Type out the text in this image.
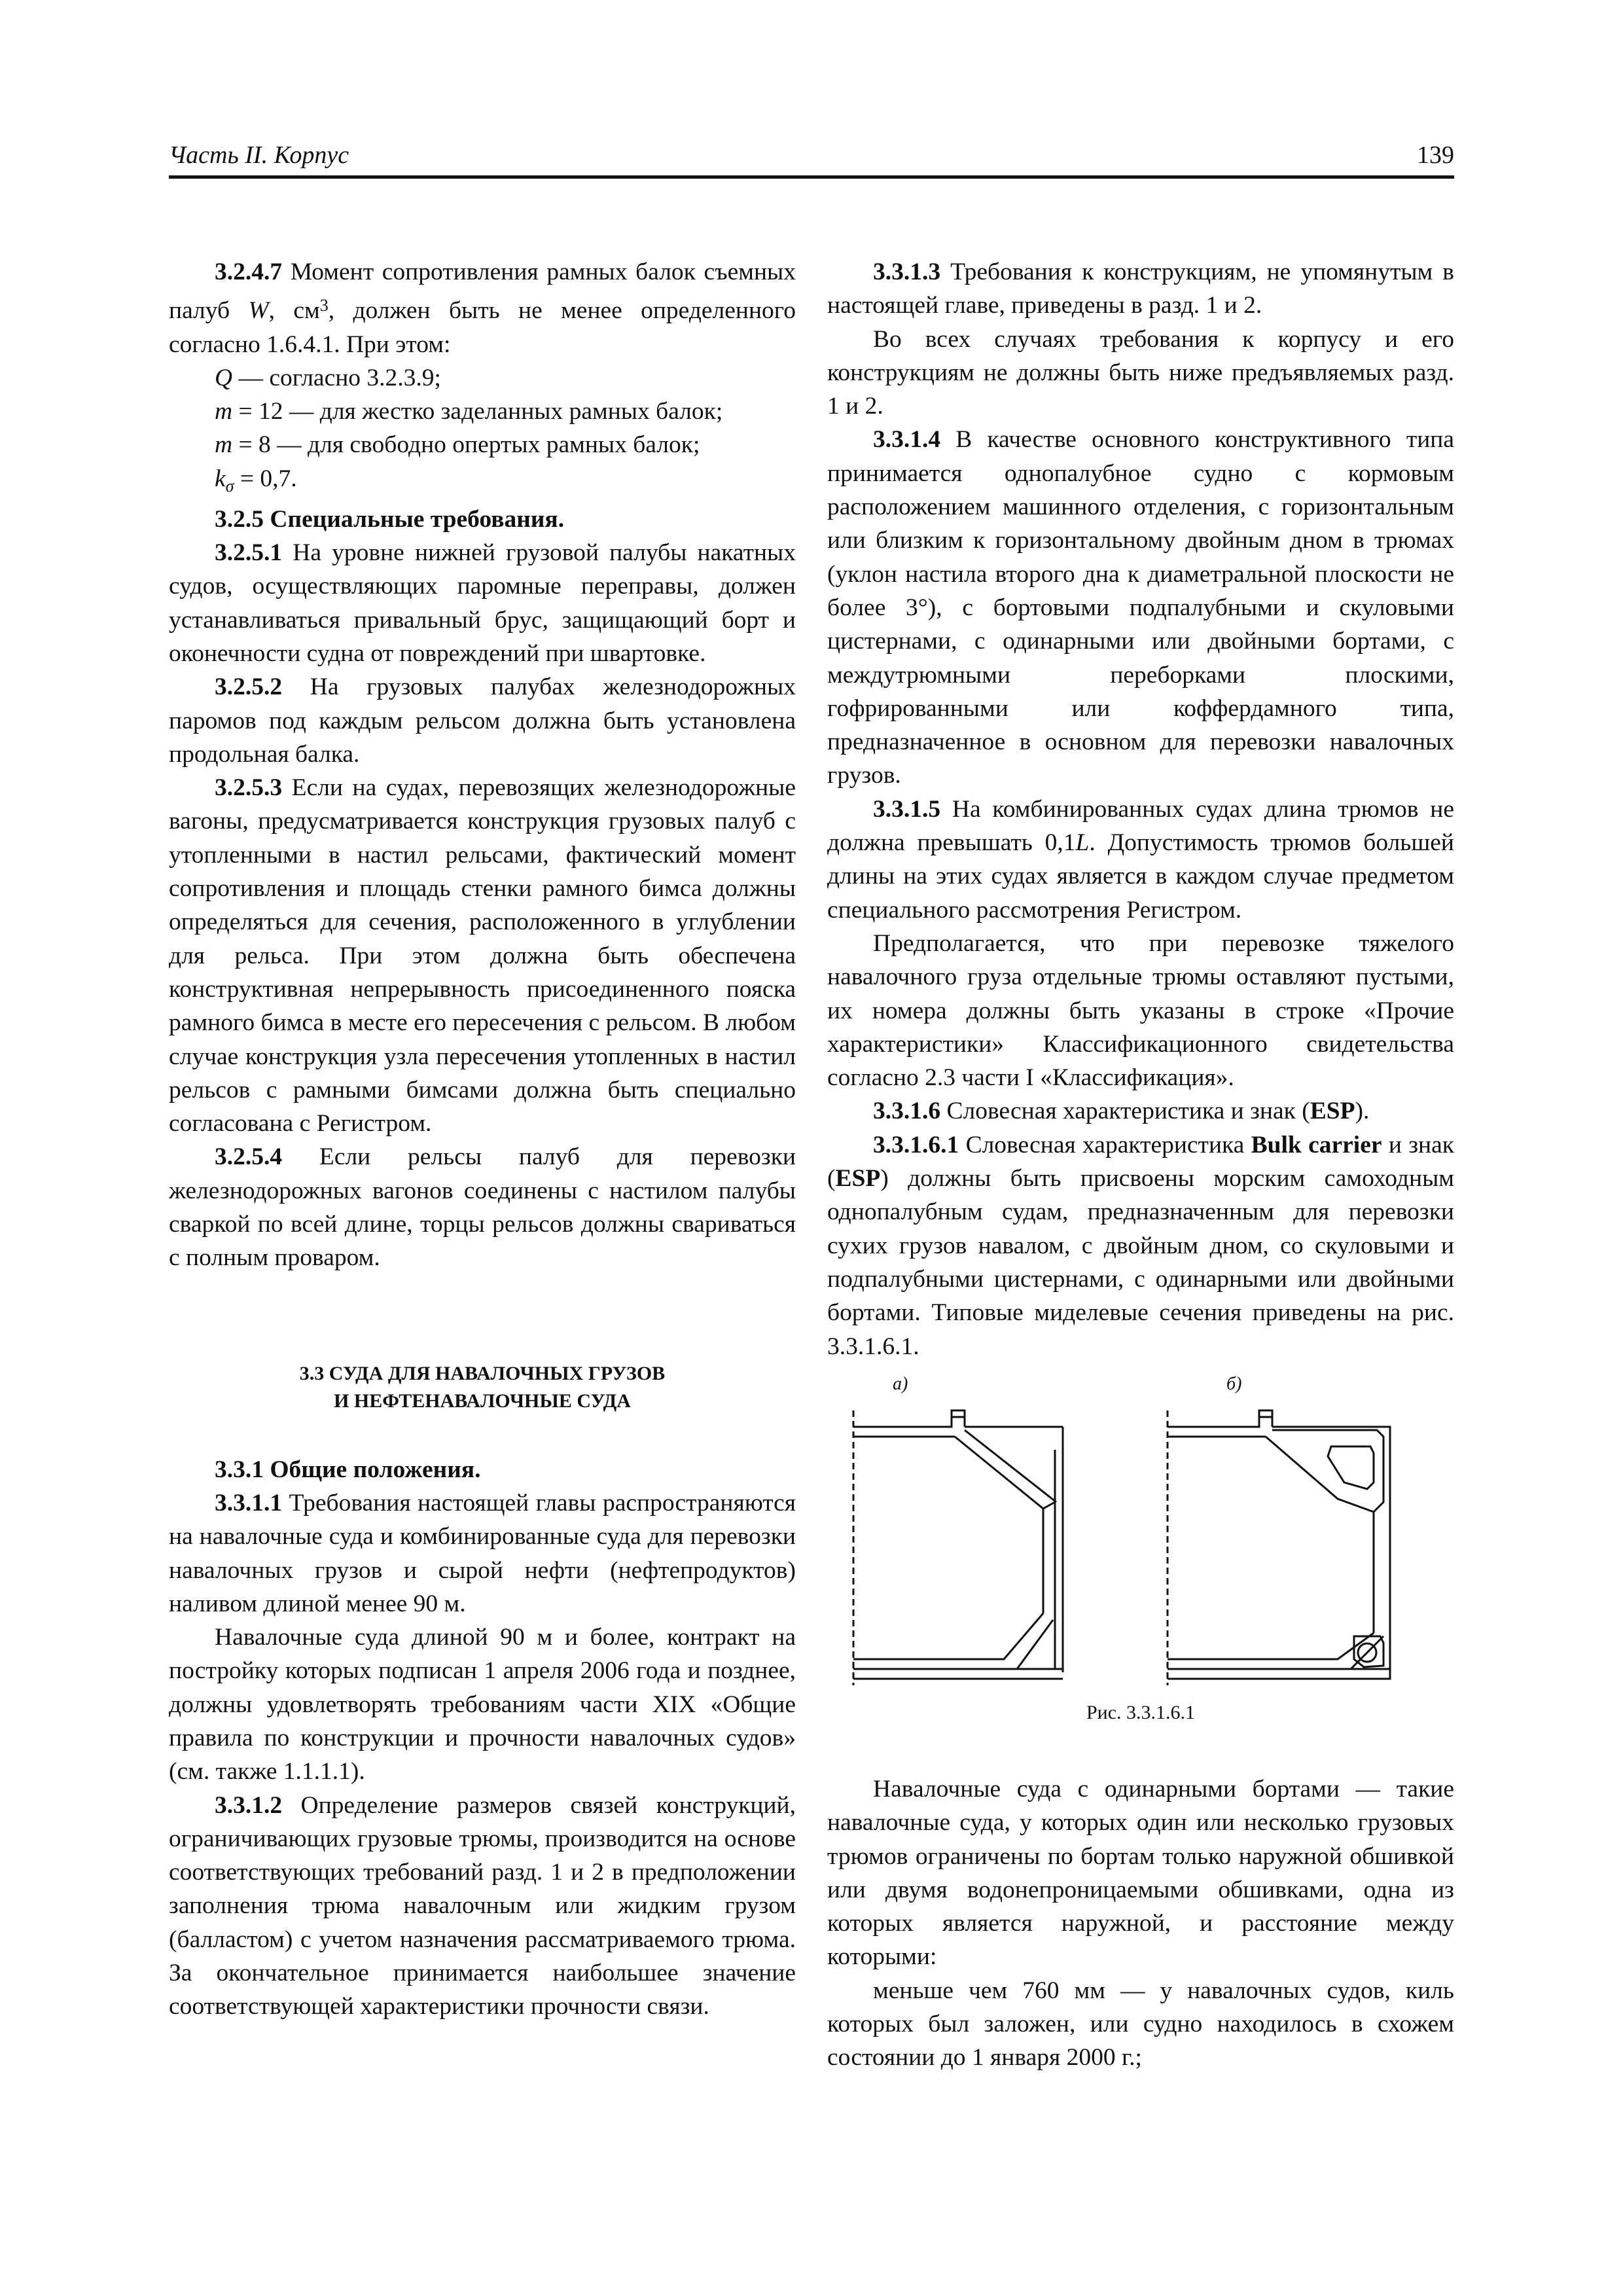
Часть II. Корпус	139

3.2.4.7 Момент сопротивления рамных балок съемных палуб W, $см^3$, должен быть не менее определенного согласно 1.6.4.1. При этом:

Q — согласно 3.2.3.9;

m = 12 — для жестко заделанных рамных балок;

m = 8 — для свободно опертых рамных балок;

$k_\sigma = 0,7$.

3.2.5 Специальные требования.

3.2.5.1 На уровне нижней грузовой палубы накатных судов, осуществляющих паромные переправы, должен устанавливаться привальный брус, защищающий борт и оконечности судна от повреждений при швартовке.

3.2.5.2 На грузовых палубах железнодорожных паромов под каждым рельсом должна быть установлена продольная балка.

3.2.5.3 Если на судах, перевозящих железнодорожные вагоны, предусматривается конструкция грузовых палуб с утопленными в настил рельсами, фактический момент сопротивления и площадь стенки рамного бимса должны определяться для сечения, расположенного в углублении для рельса. При этом должна быть обеспечена конструктивная непрерывность присоединенного пояска рамного бимса в месте его пересечения с рельсом. В любом случае конструкция узла пересечения утопленных в настил рельсов с рамными бимсами должна быть специально согласована с Регистром.

3.2.5.4 Если рельсы палуб для перевозки железнодорожных вагонов соединены с настилом палубы сваркой по всей длине, торцы рельсов должны свариваться с полным проваром.

3.3 СУДА ДЛЯ НАВАЛОЧНЫХ ГРУЗОВ
И НЕФТЕНАВАЛОЧНЫЕ СУДА

3.3.1 Общие положения.

3.3.1.1 Требования настоящей главы распространяются на навалочные суда и комбинированные суда для перевозки навалочных грузов и сырой нефти (нефтепродуктов) наливом длиной менее 90 м.

Навалочные суда длиной 90 м и более, контракт на постройку которых подписан 1 апреля 2006 года и позднее, должны удовлетворять требованиям части XIX «Общие правила по конструкции и прочности навалочных судов» (см. также 1.1.1.1).

3.3.1.2 Определение размеров связей конструкций, ограничивающих грузовые трюмы, производится на основе соответствующих требований разд. 1 и 2 в предположении заполнения трюма навалочным или жидким грузом (балластом) с учетом назначения рассматриваемого трюма. За окончательное принимается наибольшее значение соответствующей характеристики прочности связи.

3.3.1.3 Требования к конструкциям, не упомянутым в настоящей главе, приведены в разд. 1 и 2.

Во всех случаях требования к корпусу и его конструкциям не должны быть ниже предъявляемых разд. 1 и 2.

3.3.1.4 В качестве основного конструктивного типа принимается однопалубное судно с кормовым расположением машинного отделения, с горизонтальным или близким к горизонтальному двойным дном в трюмах (уклон настила второго дна к диаметральной плоскости не более 3°), с бортовыми подпалубными и скуловыми цистернами, с одинарными или двойными бортами, с междутрюмными переборками плоскими, гофрированными или коффердамного типа, предназначенное в основном для перевозки навалочных грузов.

3.3.1.5 На комбинированных судах длина трюмов не должна превышать 0,1L. Допустимость трюмов большей длины на этих судах является в каждом случае предметом специального рассмотрения Регистром.

Предполагается, что при перевозке тяжелого навалочного груза отдельные трюмы оставляют пустыми, их номера должны быть указаны в строке «Прочие характеристики» Классификационного свидетельства согласно 2.3 части I «Классификация».

3.3.1.6 Словесная характеристика и знак (ESP).

3.3.1.6.1 Словесная характеристика Bulk carrier и знак (ESP) должны быть присвоены морским самоходным однопалубным судам, предназначенным для перевозки сухих грузов навалом, с двойным дном, со скуловыми и подпалубными цистернами, с одинарными или двойными бортами. Типовые миделевые сечения приведены на рис. 3.3.1.6.1.

а)	б)
Рис. 3.3.1.6.1

Навалочные суда с одинарными бортами — такие навалочные суда, у которых один или несколько грузовых трюмов ограничены по бортам только наружной обшивкой или двумя водонепроницаемыми обшивками, одна из которых является наружной, и расстояние между которыми:

меньше чем 760 мм — у навалочных судов, киль которых был заложен, или судно находилось в схожем состоянии до 1 января 2000 г.;
